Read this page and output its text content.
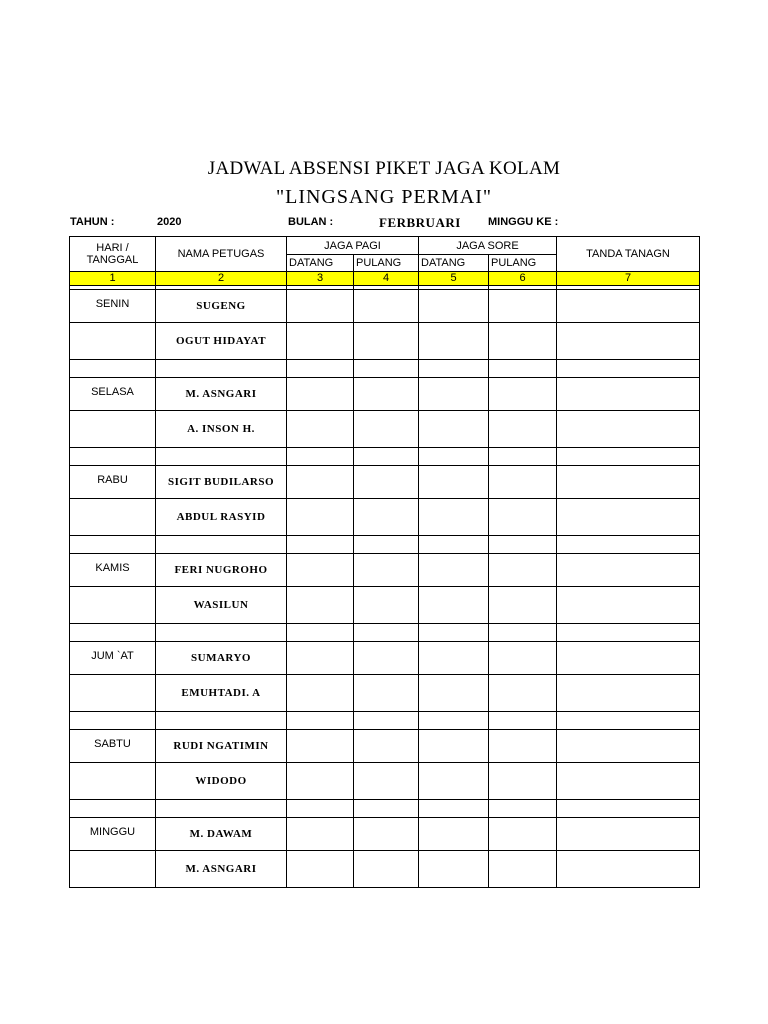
JADWAL ABSENSI PIKET JAGA KOLAM
"LINGSANG PERMAI"
TAHUN :	2020	BULAN :	FERBRUARI MINGGU KE :
HARI /
TANGGAL	NAMA PETUGAS	JAGA PAGI		JAGA SORE		TANDA TANAGN
		DATANG	PULANG	DATANG	PULANG	
1	2	3	4	5	6	7

SENIN	SUGENG					
	OGUT HIDAYAT					

SELASA	M. ASNGARI					
	A. INSON H.					

RABU	SIGIT BUDILARSO					
	ABDUL RASYID					

KAMIS	FERI NUGROHO					
	WASILUN					

JUM `AT	SUMARYO					
	EMUHTADI. A					

SABTU	RUDI NGATIMIN					
	WIDODO					

MINGGU	M. DAWAM					
	M. ASNGARI					
